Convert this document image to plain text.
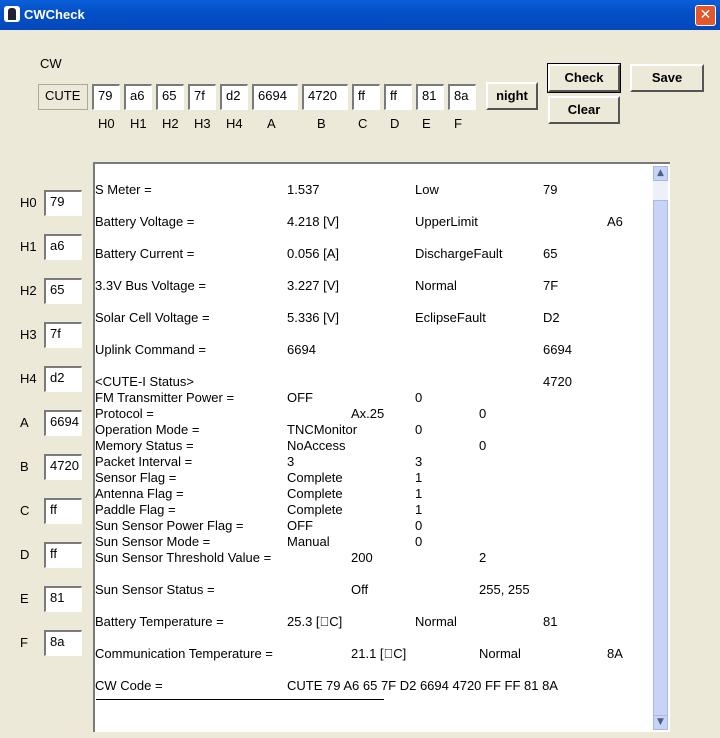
CWCheck	✕
CW
CUTE	79
H0
a6
H1
65
H2
7f
H3
d2
H4
6694
A
4720
B
ff
C
ff
D
81
E
8a
F
night
Check
Clear
Save
H0	79
H1	a6
H2	65
H3	7f
H4	d2
A	6694
B	4720
C	ff
D	ff
E	81
F	8a
S Meter =	1.537	Low	79
Battery Voltage =	4.218 [V]	UpperLimit	A6
Battery Current =	0.056 [A]	DischargeFault	65
3.3V Bus Voltage =	3.227 [V]	Normal	7F
Solar Cell Voltage =	5.336 [V]	EclipseFault	D2
Uplink Command =	6694	6694
<CUTE-I Status>	4720
FM Transmitter Power =	OFF	0
Protocol =	Ax.25	0
Operation Mode =	TNCMonitor	0
Memory Status =	NoAccess	0
Packet Interval =	3	3
Sensor Flag =	Complete	1
Antenna Flag =	Complete	1
Paddle Flag =	Complete	1
Sun Sensor Power Flag =	OFF	0
Sun Sensor Mode =	Manual	0
Sun Sensor Threshold Value =	200	2
Sun Sensor Status =	Off	255, 255
Battery Temperature =	25.3 [ﾟC]	Normal	81
Communication Temperature =	21.1 [ﾟC]	Normal	8A
CW Code =	CUTE 79 A6 65 7F D2 6694 4720 FF FF 81 8A
▲
▼
